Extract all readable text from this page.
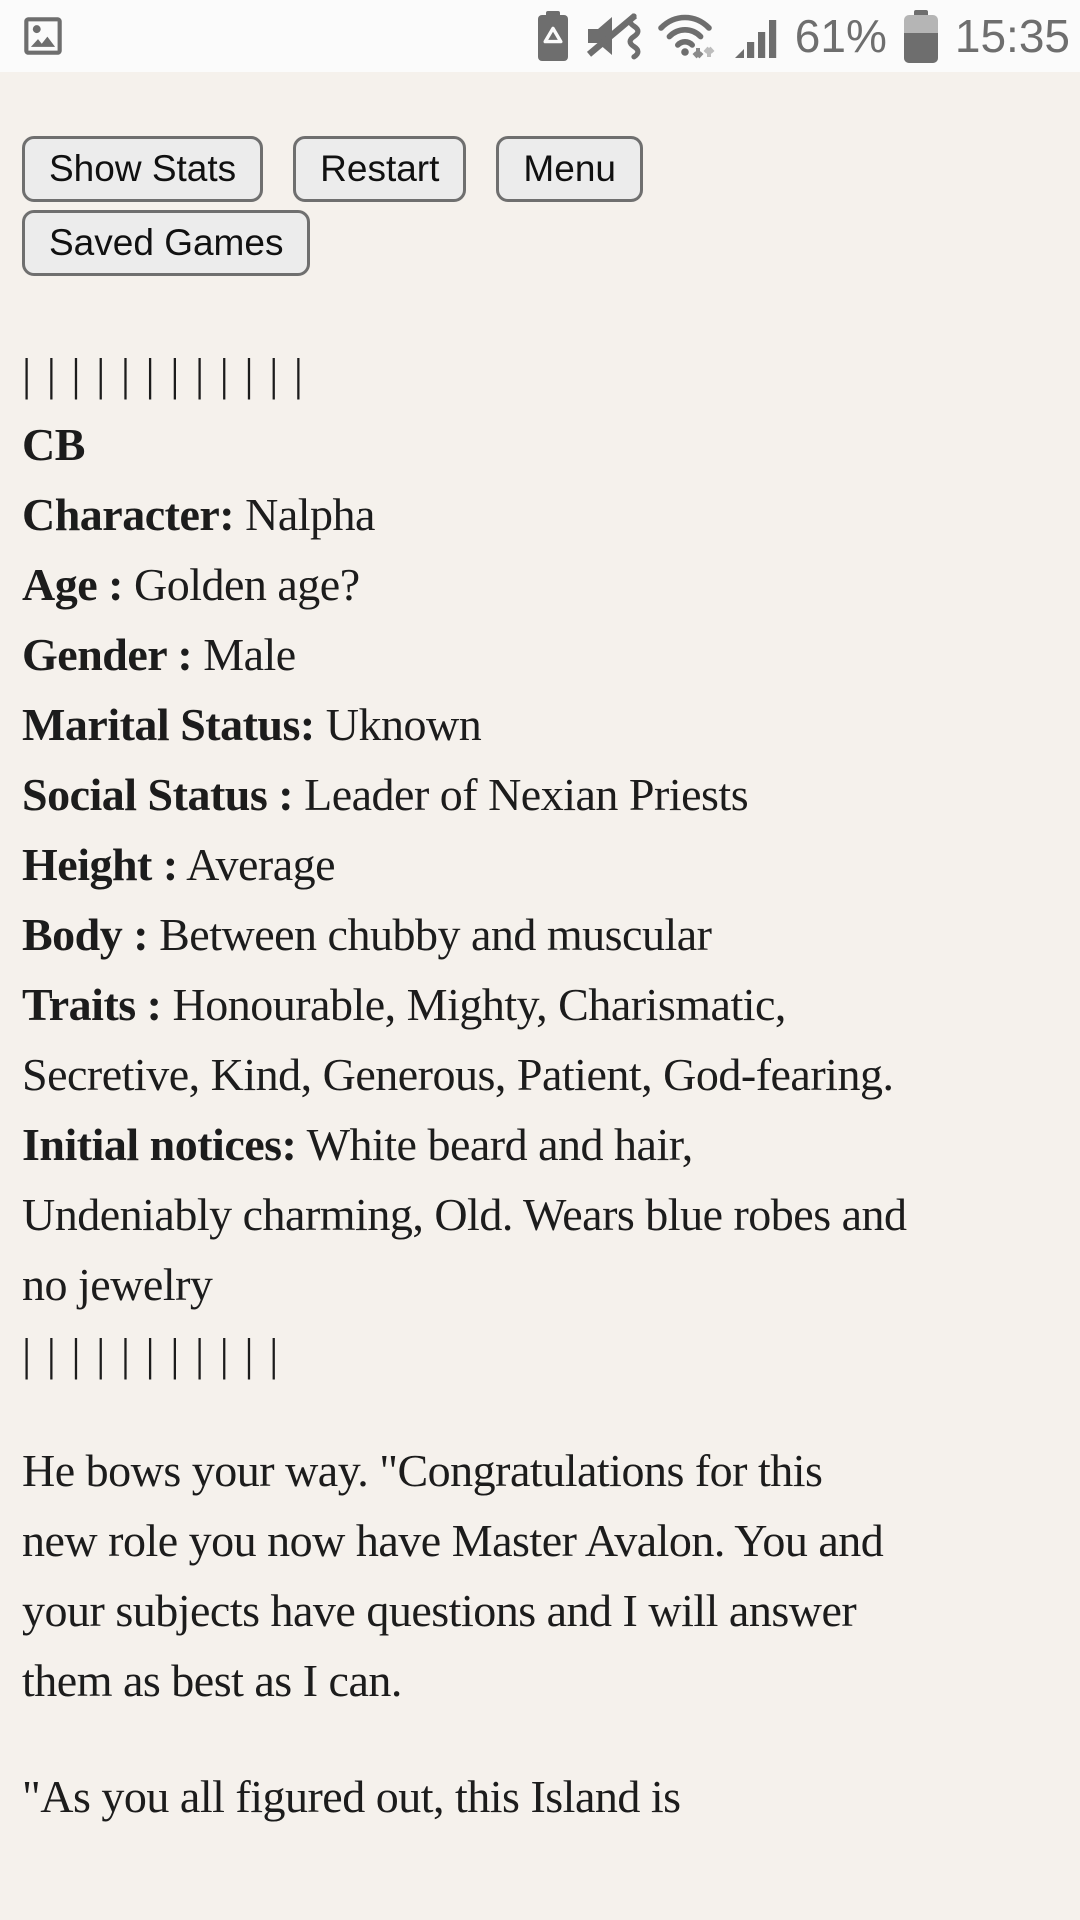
61% 15:35
Show Stats Restart Menu Saved Games
| | | | | | | | | | | |
CB
Character: Nalpha
Age : Golden age?
Gender : Male
Marital Status: Uknown
Social Status : Leader of Nexian Priests
Height : Average
Body : Between chubby and muscular
Traits : Honourable, Mighty, Charismatic, Secretive, Kind, Generous, Patient, God-fearing.
Initial notices: White beard and hair, Undeniably charming, Old. Wears blue robes and no jewelry
| | | | | | | | | | |

He bows your way. "Congratulations for this new role you now have Master Avalon. You and your subjects have questions and I will answer them as best as I can.

"As you all figured out, this Island is
